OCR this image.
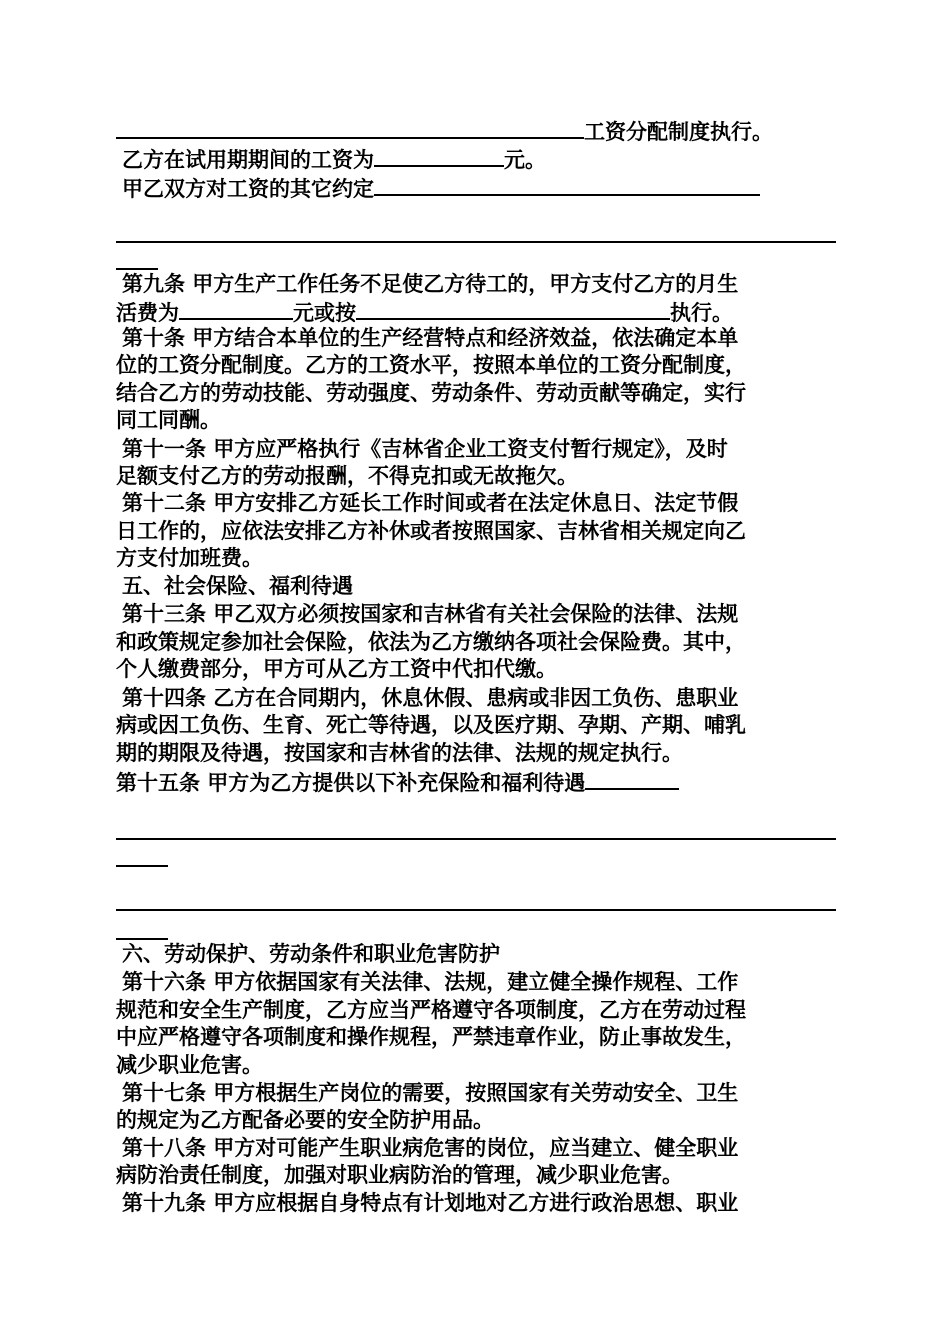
工资分配制度执行。
乙方在试用期期间的工资为	元。
甲乙双方对工资的其它约定
第九条 甲方生产工作任务不足使乙方待工的，甲方支付乙方的月生
活费为	元或按	执行。
第十条 甲方结合本单位的生产经营特点和经济效益，依法确定本单
位的工资分配制度。乙方的工资水平，按照本单位的工资分配制度，
结合乙方的劳动技能、劳动强度、劳动条件、劳动贡献等确定，实行
同工同酬。
第十一条 甲方应严格执行《吉林省企业工资支付暂行规定》，及时
足额支付乙方的劳动报酬，不得克扣或无故拖欠。
第十二条 甲方安排乙方延长工作时间或者在法定休息日、法定节假
日工作的，应依法安排乙方补休或者按照国家、吉林省相关规定向乙
方支付加班费。
五、社会保险、福利待遇
第十三条 甲乙双方必须按国家和吉林省有关社会保险的法律、法规
和政策规定参加社会保险，依法为乙方缴纳各项社会保险费。其中，
个人缴费部分，甲方可从乙方工资中代扣代缴。
第十四条 乙方在合同期内，休息休假、患病或非因工负伤、患职业
病或因工负伤、生育、死亡等待遇，以及医疗期、孕期、产期、哺乳
期的期限及待遇，按国家和吉林省的法律、法规的规定执行。
第十五条 甲方为乙方提供以下补充保险和福利待遇
六、劳动保护、劳动条件和职业危害防护
第十六条 甲方依据国家有关法律、法规，建立健全操作规程、工作
规范和安全生产制度，乙方应当严格遵守各项制度，乙方在劳动过程
中应严格遵守各项制度和操作规程，严禁违章作业，防止事故发生，
减少职业危害。
第十七条 甲方根据生产岗位的需要，按照国家有关劳动安全、卫生
的规定为乙方配备必要的安全防护用品。
第十八条 甲方对可能产生职业病危害的岗位，应当建立、健全职业
病防治责任制度，加强对职业病防治的管理，减少职业危害。
第十九条 甲方应根据自身特点有计划地对乙方进行政治思想、职业
